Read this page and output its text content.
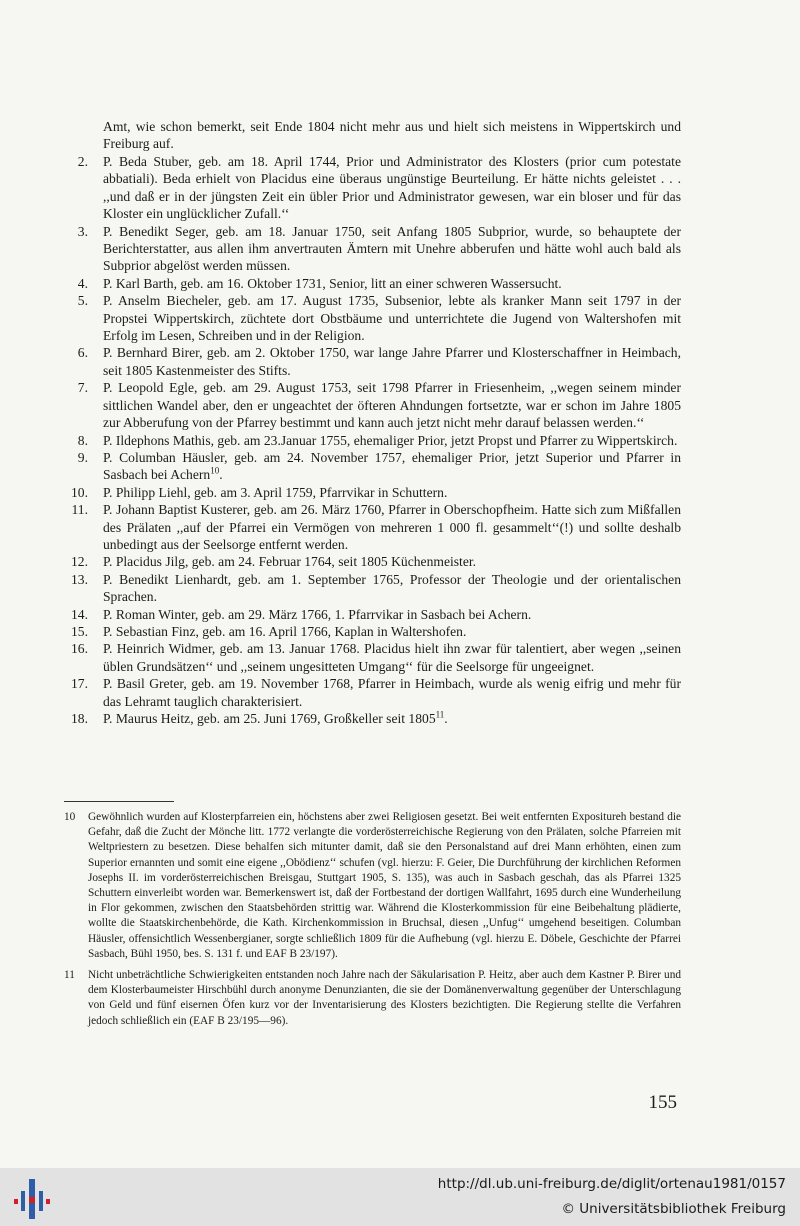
Amt, wie schon bemerkt, seit Ende 1804 nicht mehr aus und hielt sich meistens in Wippertskirch und Freiburg auf.

2. P. Beda Stuber, geb. am 18. April 1744, Prior und Administrator des Klosters (prior cum potestate abbatiali). Beda erhielt von Placidus eine überaus ungünstige Beurteilung. Er hätte nichts geleistet . . . ,,und daß er in der jüngsten Zeit ein übler Prior und Administrator gewesen, war ein bloser und für das Kloster ein unglücklicher Zufall.‘‘
3. P. Benedikt Seger, geb. am 18. Januar 1750, seit Anfang 1805 Subprior, wurde, so behauptete der Berichterstatter, aus allen ihm anvertrauten Ämtern mit Unehre abberufen und hätte wohl auch bald als Subprior abgelöst werden müssen.
4. P. Karl Barth, geb. am 16. Oktober 1731, Senior, litt an einer schweren Wassersucht.
5. P. Anselm Biecheler, geb. am 17. August 1735, Subsenior, lebte als kranker Mann seit 1797 in der Propstei Wippertskirch, züchtete dort Obstbäume und unterrichtete die Jugend von Waltershofen mit Erfolg im Lesen, Schreiben und in der Religion.
6. P. Bernhard Birer, geb. am 2. Oktober 1750, war lange Jahre Pfarrer und Klosterschaffner in Heimbach, seit 1805 Kastenmeister des Stifts.
7. P. Leopold Egle, geb. am 29. August 1753, seit 1798 Pfarrer in Friesenheim, ,,wegen seinem minder sittlichen Wandel aber, den er ungeachtet der öfteren Ahndungen fortsetzte, war er schon im Jahre 1805 zur Abberufung von der Pfarrey bestimmt und kann auch jetzt nicht mehr darauf belassen werden.‘‘
8. P. Ildephons Mathis, geb. am 23.Januar 1755, ehemaliger Prior, jetzt Propst und Pfarrer zu Wippertskirch.
9. P. Columban Häusler, geb. am 24. November 1757, ehemaliger Prior, jetzt Superior und Pfarrer in Sasbach bei Achern$^{10}$.
10. P. Philipp Liehl, geb. am 3. April 1759, Pfarrvikar in Schuttern.
11. P. Johann Baptist Kusterer, geb. am 26. März 1760, Pfarrer in Oberschopfheim. Hatte sich zum Mißfallen des Prälaten ,,auf der Pfarrei ein Vermögen von mehreren 1 000 fl. gesammelt‘‘(!) und sollte deshalb unbedingt aus der Seelsorge entfernt werden.
12. P. Placidus Jilg, geb. am 24. Februar 1764, seit 1805 Küchenmeister.
13. P. Benedikt Lienhardt, geb. am 1. September 1765, Professor der Theologie und der orientalischen Sprachen.
14. P. Roman Winter, geb. am 29. März 1766, 1. Pfarrvikar in Sasbach bei Achern.
15. P. Sebastian Finz, geb. am 16. April 1766, Kaplan in Waltershofen.
16. P. Heinrich Widmer, geb. am 13. Januar 1768. Placidus hielt ihn zwar für talentiert, aber wegen ,,seinen üblen Grundsätzen‘‘ und ,,seinem ungesitteten Umgang‘‘ für die Seelsorge für ungeeignet.
17. P. Basil Greter, geb. am 19. November 1768, Pfarrer in Heimbach, wurde als wenig eifrig und mehr für das Lehramt tauglich charakterisiert.
18. P. Maurus Heitz, geb. am 25. Juni 1769, Großkeller seit 1805$^{11}$.
10 Gewöhnlich wurden auf Klosterpfarreien ein, höchstens aber zwei Religiosen gesetzt. Bei weit entfernten Expositureh bestand die Gefahr, daß die Zucht der Mönche litt. 1772 verlangte die vorderösterreichische Regierung von den Prälaten, solche Pfarreien mit Weltpriestern zu besetzen. Diese behalfen sich mitunter damit, daß sie den Personalstand auf drei Mann erhöhten, einen zum Superior ernannten und somit eine eigene ,,Obödienz‘‘ schufen (vgl. hierzu: F. Geier, Die Durchführung der kirchlichen Reformen Josephs II. im vorderösterreichischen Breisgau, Stuttgart 1905, S. 135), was auch in Sasbach geschah, das als Pfarrei 1325 Schuttern einverleibt worden war. Bemerkenswert ist, daß der Fortbestand der dortigen Wallfahrt, 1695 durch eine Wunderheilung in Flor gekommen, zwischen den Staatsbehörden strittig war. Während die Klosterkommission für eine Beibehaltung plädierte, wollte die Staatskirchenbehörde, die Kath. Kirchenkommission in Bruchsal, diesen ,,Unfug‘‘ umgehend beseitigen. Columban Häusler, offensichtlich Wessenbergianer, sorgte schließlich 1809 für die Aufhebung (vgl. hierzu E. Döbele, Geschichte der Pfarrei Sasbach, Bühl 1950, bes. S. 131 f. und EAF B 23/197).
11 Nicht unbeträchtliche Schwierigkeiten entstanden noch Jahre nach der Säkularisation P. Heitz, aber auch dem Kastner P. Birer und dem Klosterbaumeister Hirschbühl durch anonyme Denunzianten, die sie der Domänenverwaltung gegenüber der Unterschlagung von Geld und fünf eisernen Öfen kurz vor der Inventarisierung des Klosters bezichtigten. Die Regierung stellte die Verfahren jedoch schließlich ein (EAF B 23/195—96).
155
http://dl.ub.uni-freiburg.de/diglit/ortenau1981/0157
© Universitätsbibliothek Freiburg
